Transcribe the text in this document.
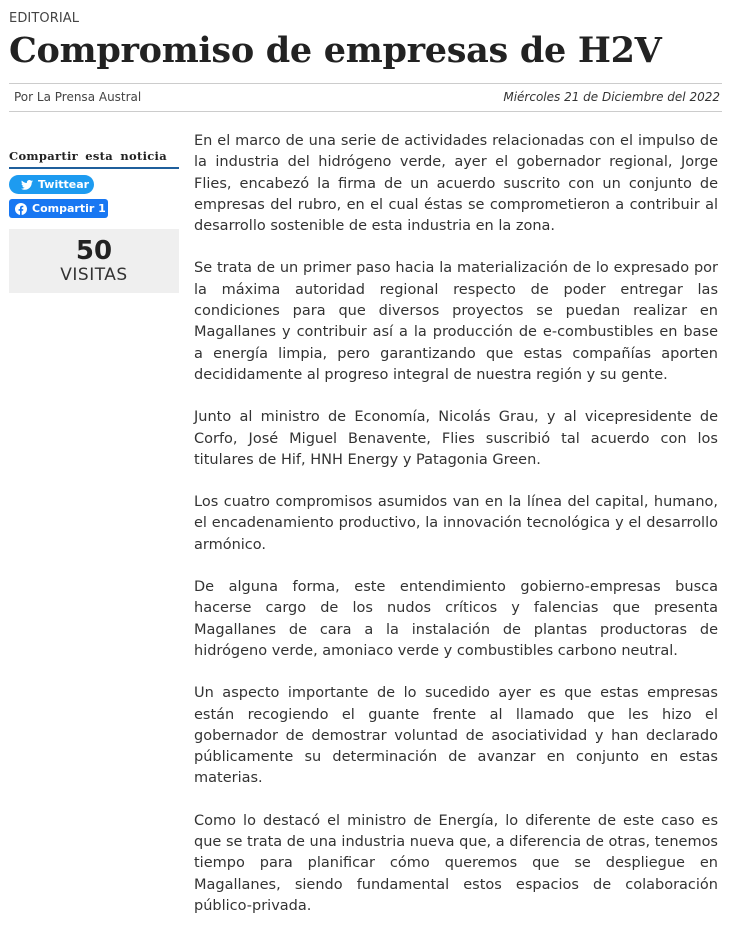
EDITORIAL
Compromiso de empresas de H2V
Por La Prensa Austral	Miércoles 21 de Diciembre del 2022
Compartir esta noticia
Twittear
Compartir 1
50
VISITAS

En el marco de una serie de actividades relacionadas con el impulso de la industria del hidrógeno verde, ayer el gobernador regional, Jorge Flies, encabezó la firma de un acuerdo suscrito con un conjunto de empresas del rubro, en el cual éstas se comprometieron a contribuir al desarrollo sostenible de esta industria en la zona.

Se trata de un primer paso hacia la materialización de lo expresado por la máxima autoridad regional respecto de poder entregar las condiciones para que diversos proyectos se puedan realizar en Magallanes y contribuir así a la producción de e-combustibles en base a energía limpia, pero garantizando que estas compañías aporten decididamente al progreso integral de nuestra región y su gente.

Junto al ministro de Economía, Nicolás Grau, y al vicepresidente de Corfo, José Miguel Benavente, Flies suscribió tal acuerdo con los titulares de Hif, HNH Energy y Patagonia Green.

Los cuatro compromisos asumidos van en la línea del capital, humano, el encadenamiento productivo, la innovación tecnológica y el desarrollo armónico.

De alguna forma, este entendimiento gobierno-empresas busca hacerse cargo de los nudos críticos y falencias que presenta Magallanes de cara a la instalación de plantas productoras de hidrógeno verde, amoniaco verde y combustibles carbono neutral.

Un aspecto importante de lo sucedido ayer es que estas empresas están recogiendo el guante frente al llamado que les hizo el gobernador de demostrar voluntad de asociatividad y han declarado públicamente su determinación de avanzar en conjunto en estas materias.

Como lo destacó el ministro de Energía, lo diferente de este caso es que se trata de una industria nueva que, a diferencia de otras, tenemos tiempo para planificar cómo queremos que se despliegue en Magallanes, siendo fundamental estos espacios de colaboración público-privada.
